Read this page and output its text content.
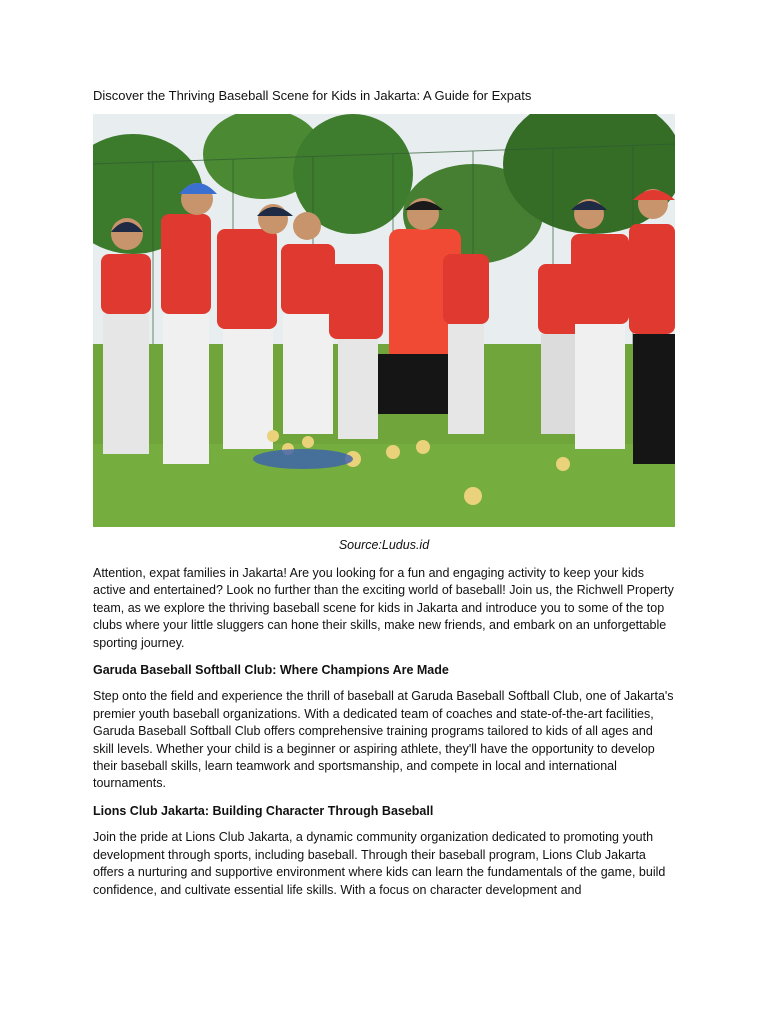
Discover the Thriving Baseball Scene for Kids in Jakarta: A Guide for Expats
Source:Ludus.id

Attention, expat families in Jakarta! Are you looking for a fun and engaging activity to keep your kids active and entertained? Look no further than the exciting world of baseball! Join us, the Richwell Property team, as we explore the thriving baseball scene for kids in Jakarta and introduce you to some of the top clubs where your little sluggers can hone their skills, make new friends, and embark on an unforgettable sporting journey.

Garuda Baseball Softball Club: Where Champions Are Made

Step onto the field and experience the thrill of baseball at Garuda Baseball Softball Club, one of Jakarta's premier youth baseball organizations. With a dedicated team of coaches and state-of-the-art facilities, Garuda Baseball Softball Club offers comprehensive training programs tailored to kids of all ages and skill levels. Whether your child is a beginner or aspiring athlete, they'll have the opportunity to develop their baseball skills, learn teamwork and sportsmanship, and compete in local and international tournaments.

Lions Club Jakarta: Building Character Through Baseball

Join the pride at Lions Club Jakarta, a dynamic community organization dedicated to promoting youth development through sports, including baseball. Through their baseball program, Lions Club Jakarta offers a nurturing and supportive environment where kids can learn the fundamentals of the game, build confidence, and cultivate essential life skills. With a focus on character development and
